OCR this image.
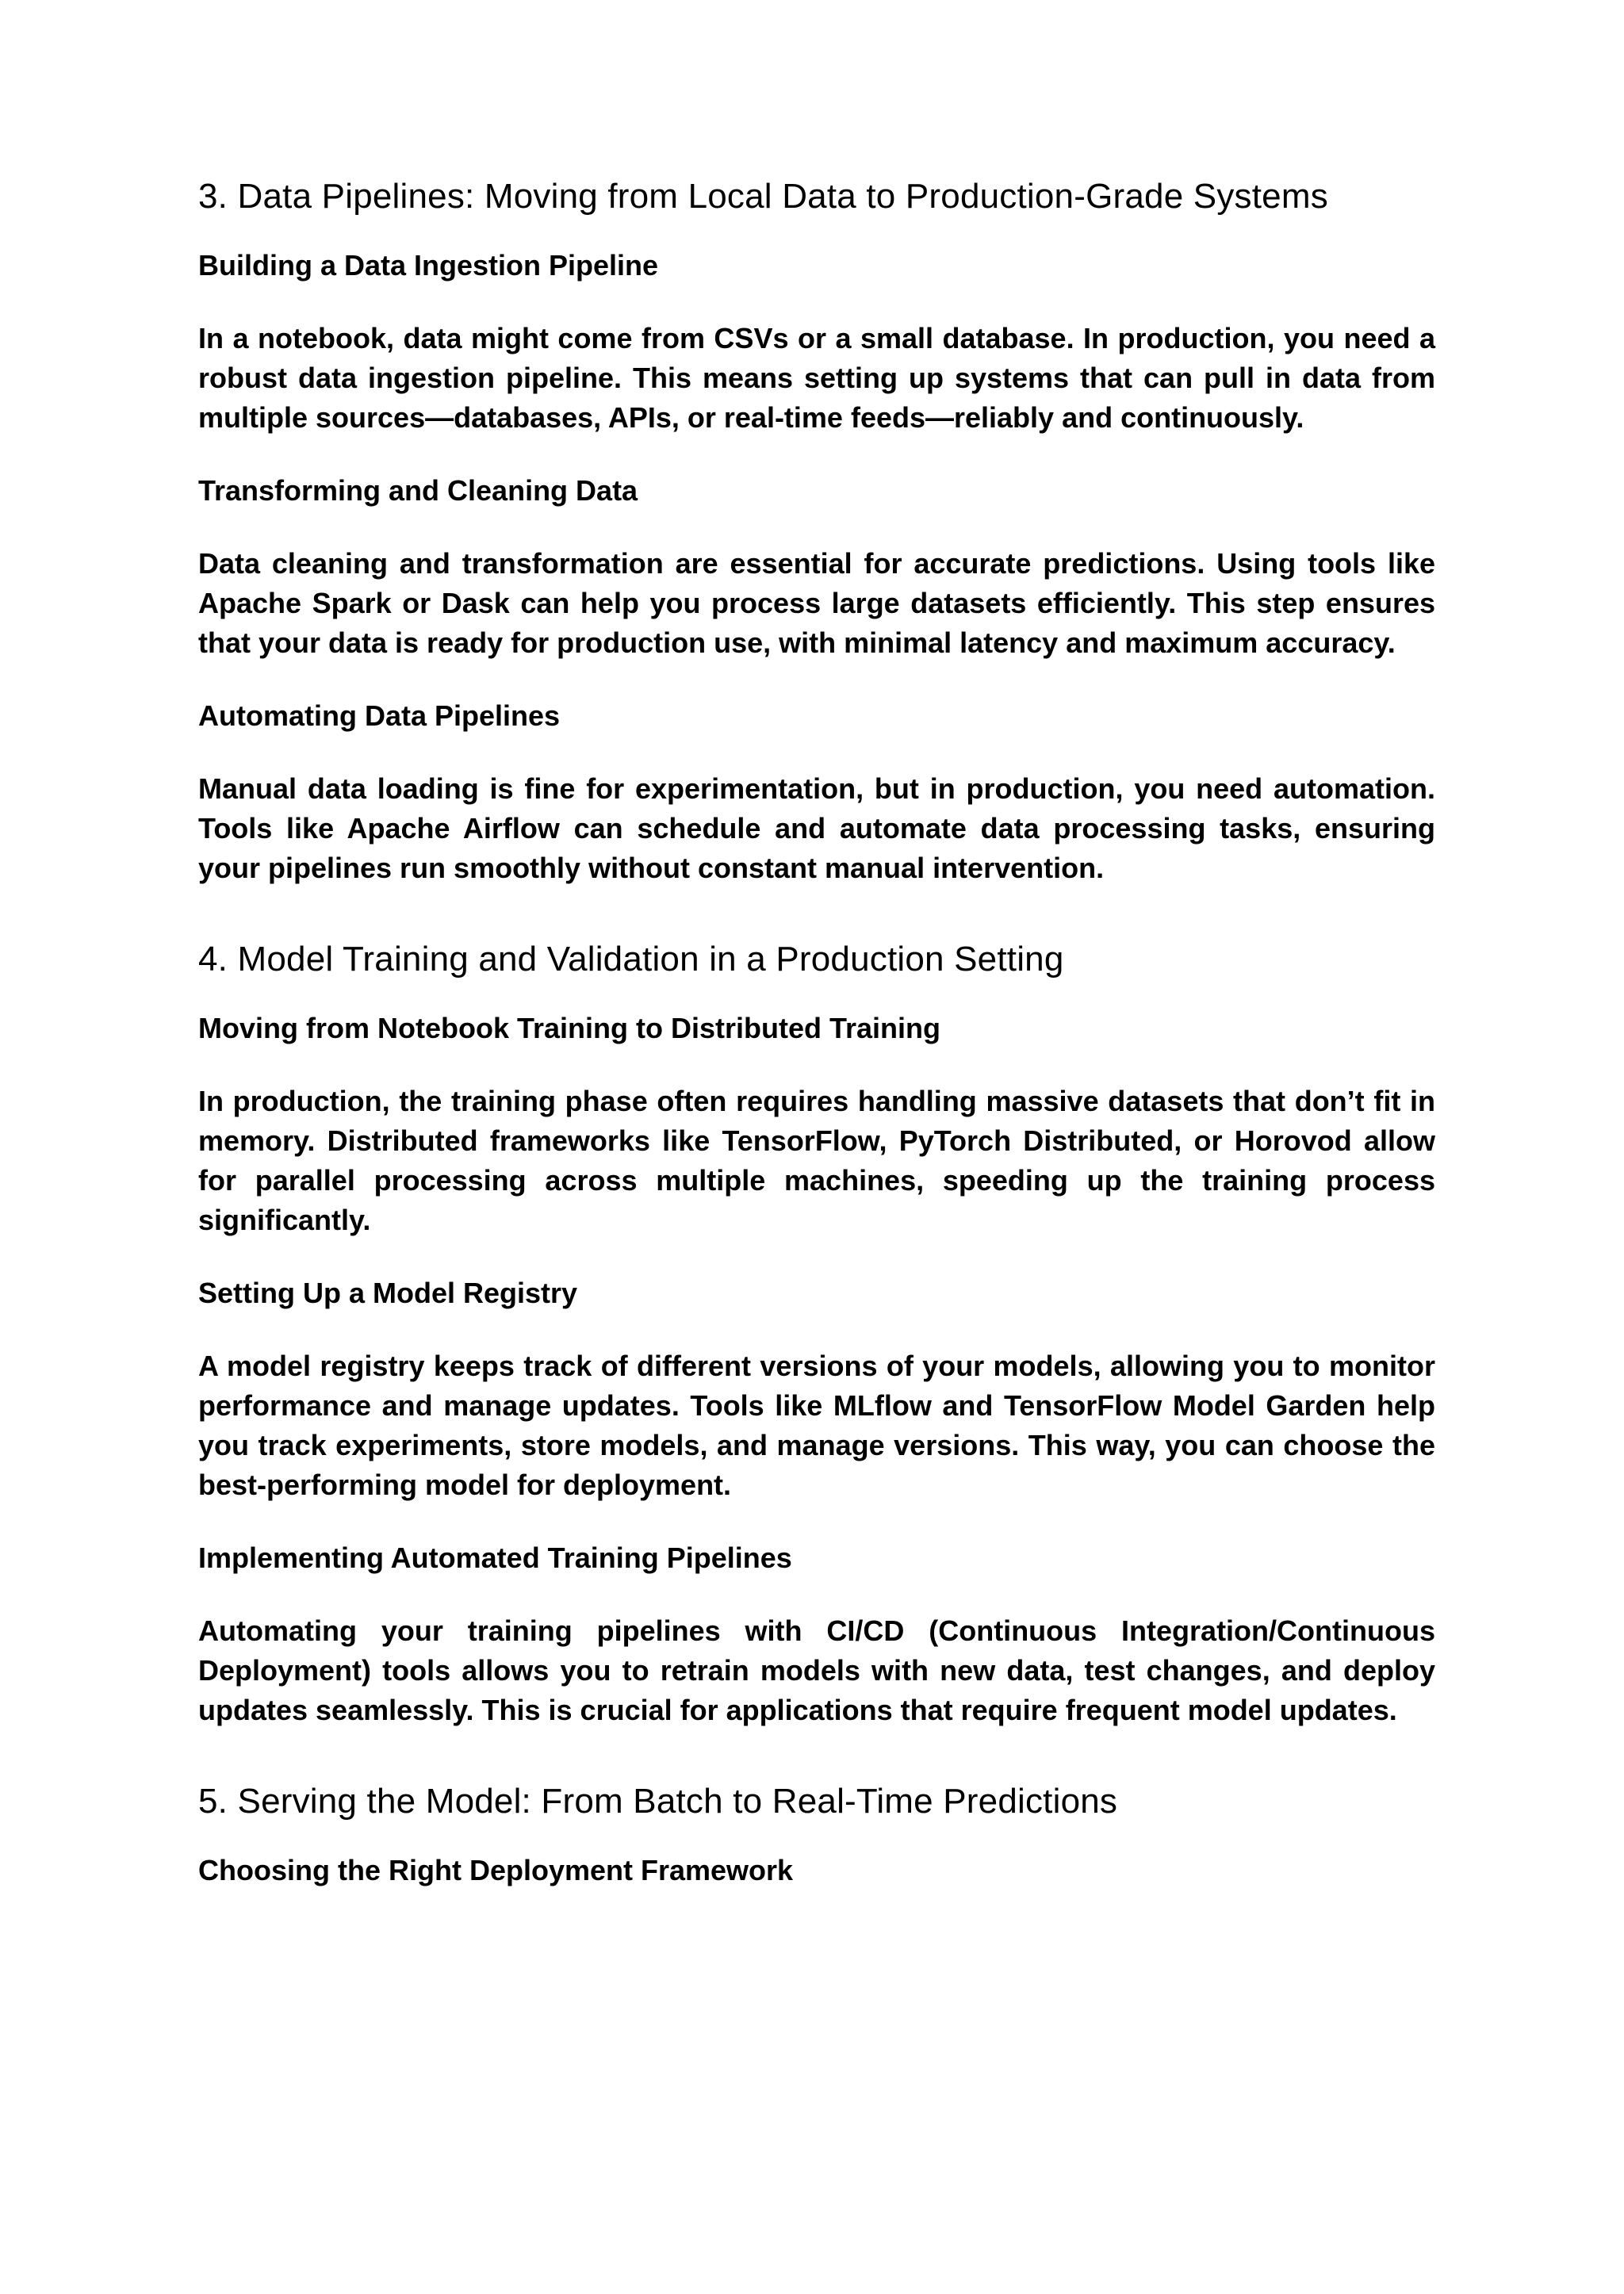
3. Data Pipelines: Moving from Local Data to Production-Grade Systems
Building a Data Ingestion Pipeline

In a notebook, data might come from CSVs or a small database. In production, you need a robust data ingestion pipeline. This means setting up systems that can pull in data from multiple sources—databases, APIs, or real-time feeds—reliably and continuously.

Transforming and Cleaning Data

Data cleaning and transformation are essential for accurate predictions. Using tools like Apache Spark or Dask can help you process large datasets efficiently. This step ensures that your data is ready for production use, with minimal latency and maximum accuracy.

Automating Data Pipelines

Manual data loading is fine for experimentation, but in production, you need automation. Tools like Apache Airflow can schedule and automate data processing tasks, ensuring your pipelines run smoothly without constant manual intervention.

4. Model Training and Validation in a Production Setting
Moving from Notebook Training to Distributed Training

In production, the training phase often requires handling massive datasets that don’t fit in memory. Distributed frameworks like TensorFlow, PyTorch Distributed, or Horovod allow for parallel processing across multiple machines, speeding up the training process significantly.

Setting Up a Model Registry

A model registry keeps track of different versions of your models, allowing you to monitor performance and manage updates. Tools like MLflow and TensorFlow Model Garden help you track experiments, store models, and manage versions. This way, you can choose the best-performing model for deployment.

Implementing Automated Training Pipelines

Automating your training pipelines with CI/CD (Continuous Integration/Continuous Deployment) tools allows you to retrain models with new data, test changes, and deploy updates seamlessly. This is crucial for applications that require frequent model updates.

5. Serving the Model: From Batch to Real-Time Predictions
Choosing the Right Deployment Framework
